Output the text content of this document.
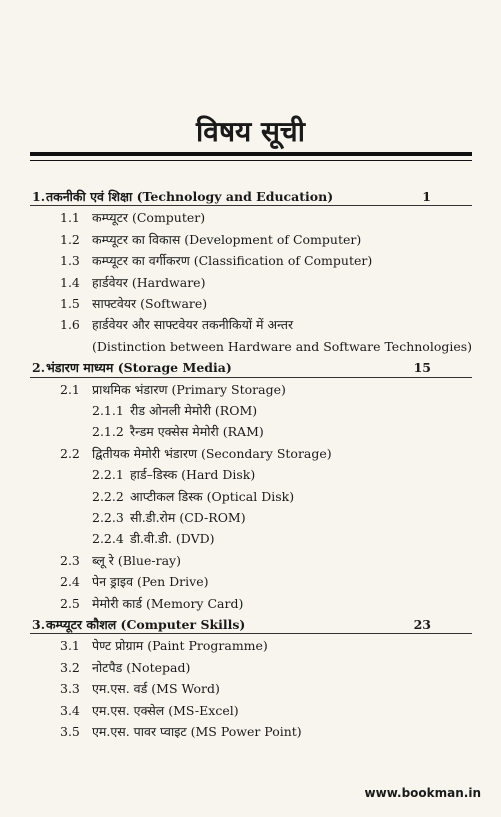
विषय सूची
1. तकनीकी एवं शिक्षा (Technology and Education)	1
1.1 कम्प्यूटर (Computer)
1.2 कम्प्यूटर का विकास (Development of Computer)
1.3 कम्प्यूटर का वर्गीकरण (Classification of Computer)
1.4 हार्डवेयर (Hardware)
1.5 साफ्टवेयर (Software)
1.6 हार्डवेयर और साफ्टवेयर तकनीकियों में अन्तर
(Distinction between Hardware and Software Technologies)
2. भंडारण माध्यम (Storage Media)	15
2.1 प्राथमिक भंडारण (Primary Storage)
2.1.1 रीड ओनली मेमोरी (ROM)
2.1.2 रैन्डम एक्सेस मेमोरी (RAM)
2.2 द्वितीयक मेमोरी भंडारण (Secondary Storage)
2.2.1 हार्ड–डिस्क (Hard Disk)
2.2.2 आप्टीकल डिस्क (Optical Disk)
2.2.3 सी.डी.रोम (CD-ROM)
2.2.4 डी.वी.डी. (DVD)
2.3 ब्लू रे (Blue-ray)
2.4 पेन ड्राइव (Pen Drive)
2.5 मेमोरी कार्ड (Memory Card)
3. कम्प्यूटर कौशल (Computer Skills)	23
3.1 पेण्ट प्रोग्राम (Paint Programme)
3.2 नोटपैड (Notepad)
3.3 एम.एस. वर्ड (MS Word)
3.4 एम.एस. एक्सेल (MS-Excel)
3.5 एम.एस. पावर प्वाइट (MS Power Point)
www.bookman.in
